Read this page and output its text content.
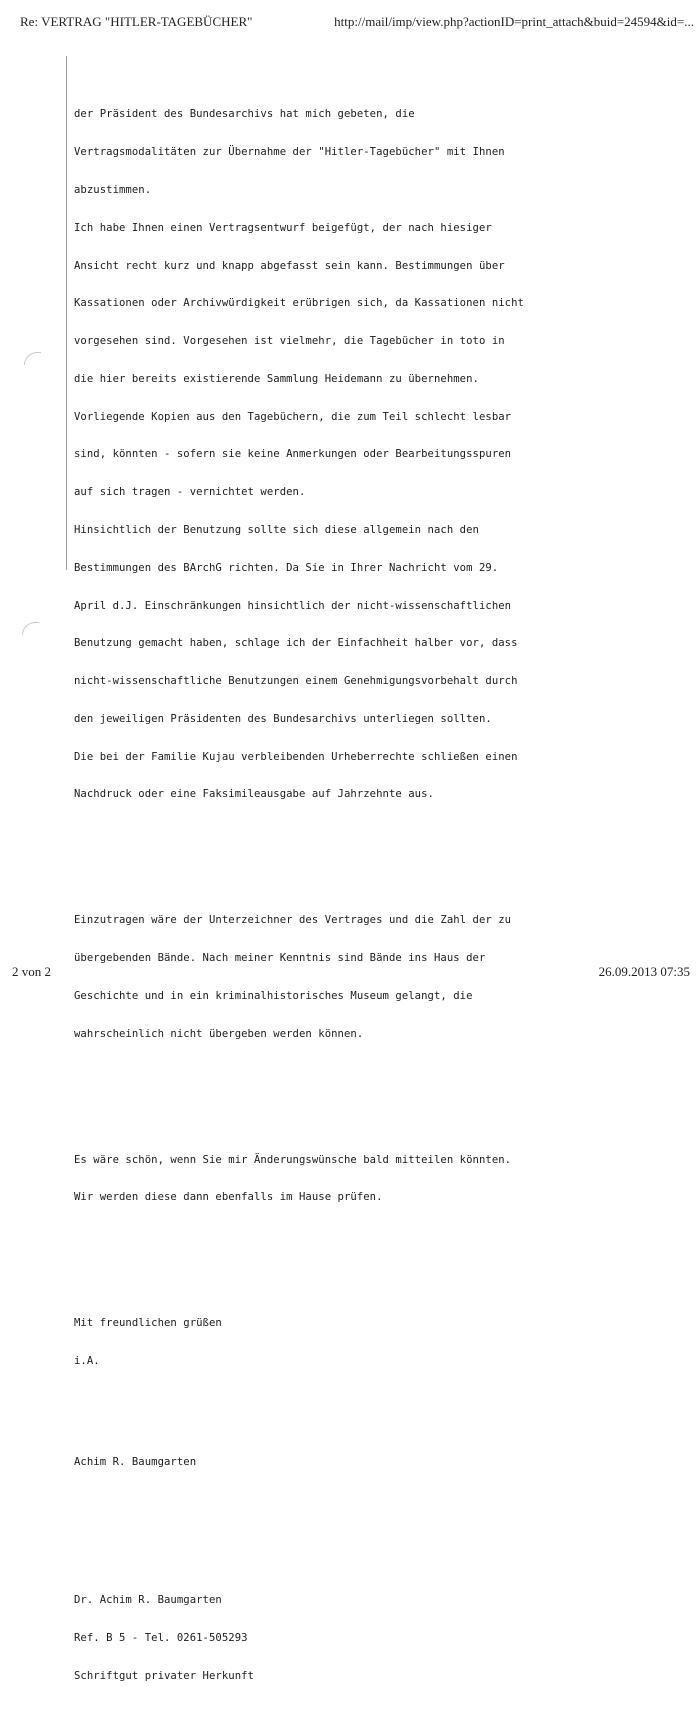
Re: VERTRAG "HITLER-TAGEBÜCHER"	http://mail/imp/view.php?actionID=print_attach&buid=24594&id=...

der Präsident des Bundesarchivs hat mich gebeten, die

Vertragsmodalitäten zur Übernahme der "Hitler-Tagebücher" mit Ihnen

abzustimmen.

Ich habe Ihnen einen Vertragsentwurf beigefügt, der nach hiesiger

Ansicht recht kurz und knapp abgefasst sein kann. Bestimmungen über

Kassationen oder Archivwürdigkeit erübrigen sich, da Kassationen nicht

vorgesehen sind. Vorgesehen ist vielmehr, die Tagebücher in toto in

die hier bereits existierende Sammlung Heidemann zu übernehmen.

Vorliegende Kopien aus den Tagebüchern, die zum Teil schlecht lesbar

sind, könnten - sofern sie keine Anmerkungen oder Bearbeitungsspuren

auf sich tragen - vernichtet werden.

Hinsichtlich der Benutzung sollte sich diese allgemein nach den

Bestimmungen des BArchG richten. Da Sie in Ihrer Nachricht vom 29.

April d.J. Einschränkungen hinsichtlich der nicht-wissenschaftlichen

Benutzung gemacht haben, schlage ich der Einfachheit halber vor, dass

nicht-wissenschaftliche Benutzungen einem Genehmigungsvorbehalt durch

den jeweiligen Präsidenten des Bundesarchivs unterliegen sollten.

Die bei der Familie Kujau verbleibenden Urheberrechte schließen einen

Nachdruck oder eine Faksimileausgabe auf Jahrzehnte aus.

Einzutragen wäre der Unterzeichner des Vertrages und die Zahl der zu

übergebenden Bände. Nach meiner Kenntnis sind Bände ins Haus der

Geschichte und in ein kriminalhistorisches Museum gelangt, die

wahrscheinlich nicht übergeben werden können.

Es wäre schön, wenn Sie mir Änderungswünsche bald mitteilen könnten.

Wir werden diese dann ebenfalls im Hause prüfen.

Mit freundlichen grüßen

i.A.

Achim R. Baumgarten

Dr. Achim R. Baumgarten

Ref. B 5 - Tel. 0261-505293

Schriftgut privater Herkunft

2 von 2	26.09.2013 07:35
